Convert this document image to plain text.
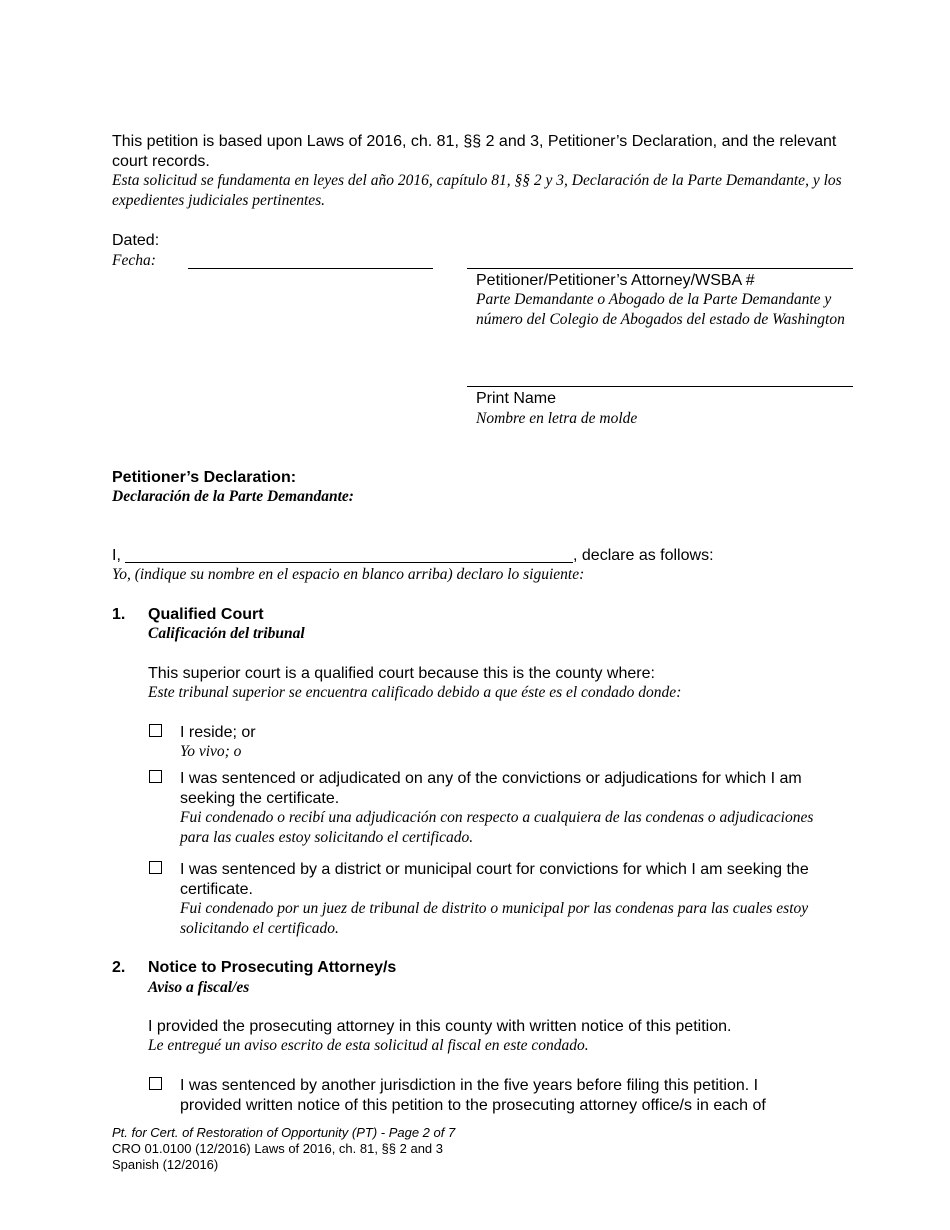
This petition is based upon Laws of 2016, ch. 81, §§ 2 and 3, Petitioner’s Declaration, and the relevant court records.
Esta solicitud se fundamenta en leyes del año 2016, capítulo 81, §§ 2 y 3, Declaración de la Parte Demandante, y los expedientes judiciales pertinentes.
Dated:
Fecha:
Petitioner/Petitioner’s Attorney/WSBA #
Parte Demandante o Abogado de la Parte Demandante y número del Colegio de Abogados del estado de Washington
Print Name
Nombre en letra de molde
Petitioner’s Declaration:
Declaración de la Parte Demandante:
I,	, declare as follows:
Yo, (indique su nombre en el espacio en blanco arriba) declaro lo siguiente:
1. Qualified Court
Calificación del tribunal
This superior court is a qualified court because this is the county where:
Este tribunal superior se encuentra calificado debido a que éste es el condado donde:
I reside; or
Yo vivo; o
I was sentenced or adjudicated on any of the convictions or adjudications for which I am seeking the certificate.
Fui condenado o recibí una adjudicación con respecto a cualquiera de las condenas o adjudicaciones para las cuales estoy solicitando el certificado.
I was sentenced by a district or municipal court for convictions for which I am seeking the certificate.
Fui condenado por un juez de tribunal de distrito o municipal por las condenas para las cuales estoy solicitando el certificado.
2. Notice to Prosecuting Attorney/s
Aviso a fiscal/es
I provided the prosecuting attorney in this county with written notice of this petition.
Le entregué un aviso escrito de esta solicitud al fiscal en este condado.
I was sentenced by another jurisdiction in the five years before filing this petition. I provided written notice of this petition to the prosecuting attorney office/s in each of
Pt. for Cert. of Restoration of Opportunity (PT) - Page 2 of 7
CRO 01.0100 (12/2016) Laws of 2016, ch. 81, §§ 2 and 3
Spanish (12/2016)
